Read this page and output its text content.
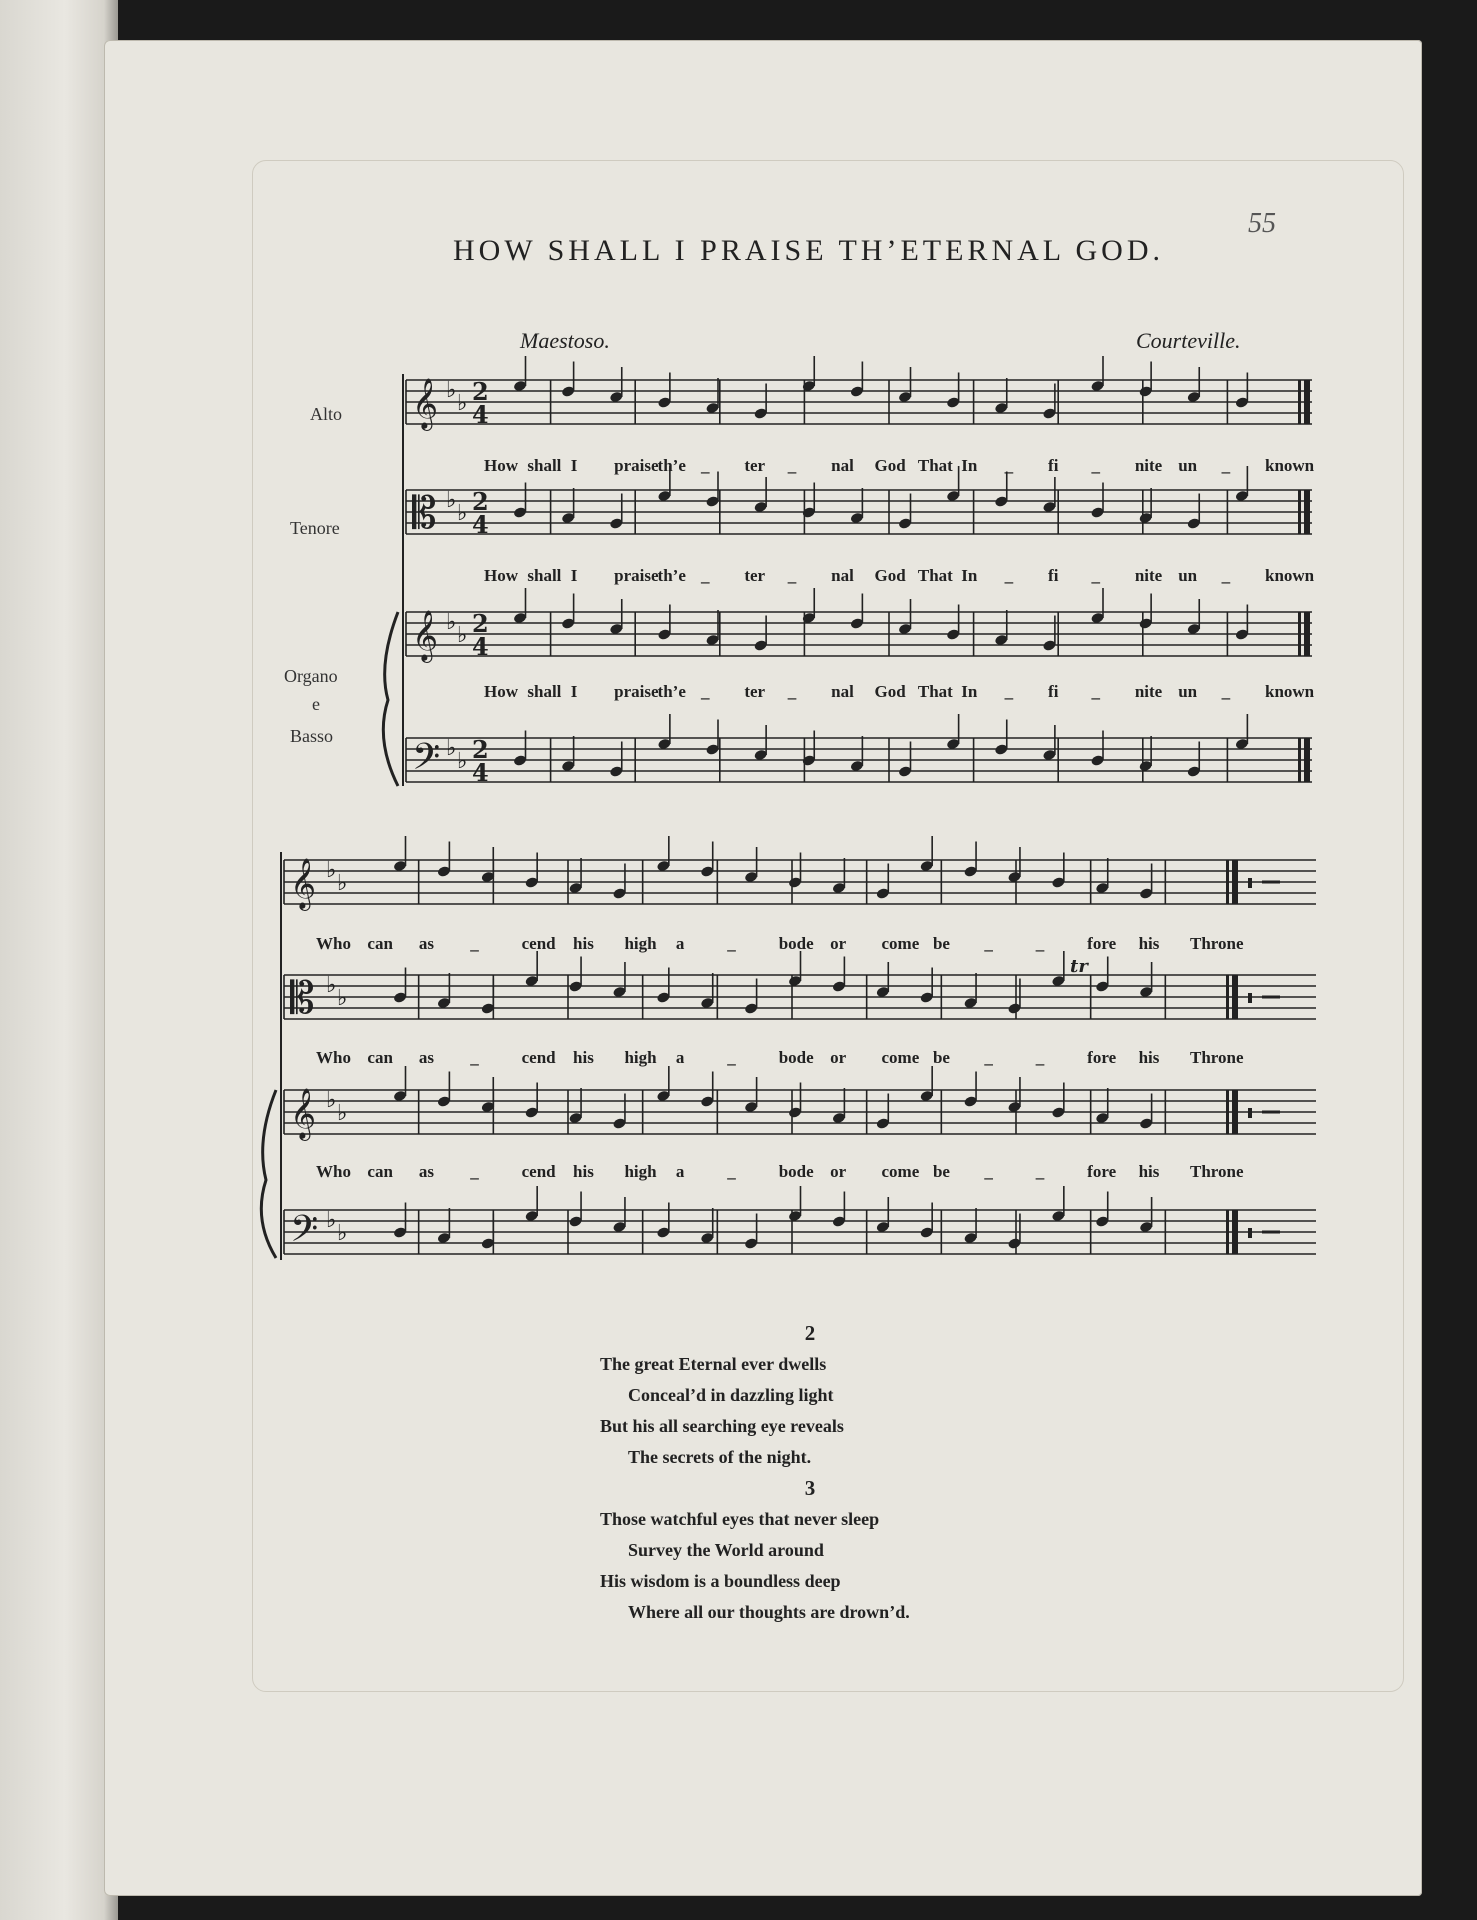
55
HOW SHALL I PRAISE TH’ETERNAL GOD.
Maestoso.	Courteville.
Alto
Tenore
Organo
e
Basso
𝄞 ♭
♭ 2
4
𝄡 ♭
♭ 2
4
𝄞 ♭
♭ 2
4
𝄢 ♭
♭ 2
4
𝄞 ♭
♭
𝄡 ♭
♭
𝄞 ♭
♭
𝄢 ♭
♭
tr
How shall I praise th’e _ ter _ nal God That In _ fi _ nite un _ known
How shall I praise th’e _ ter _ nal God That In _ fi _ nite un _ known
How shall I praise th’e _ ter _ nal God That In _ fi _ nite un _ known
Who can as _	cend his high a	_	bode or come be _	_	fore his Throne
Who can as _	cend his high a	_	bode or come be _	_	fore his Throne
Who can as _	cend his high a	_	bode or come be _	_	fore his Throne
2
The great Eternal ever dwells
Conceal’d in dazzling light
But his all searching eye reveals
The secrets of the night.
3
Those watchful eyes that never sleep
Survey the World around
His wisdom is a boundless deep
Where all our thoughts are drown’d.
